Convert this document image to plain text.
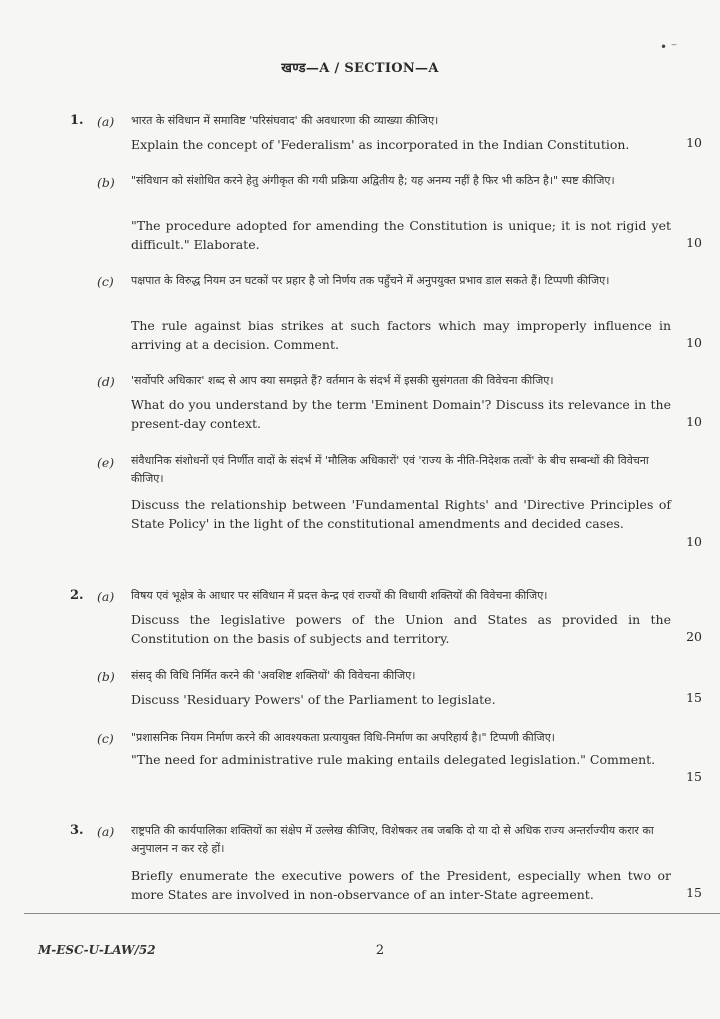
• ⁻
खण्ड—A / SECTION—A
1. (a) भारत के संविधान में समाविष्ट 'परिसंघवाद' की अवधारणा की व्याख्या कीजिए।
Explain the concept of 'Federalism' as incorporated in the Indian Constitution.	10
(b) "संविधान को संशोधित करने हेतु अंगीकृत की गयी प्रक्रिया अद्वितीय है; यह अनम्य नहीं है फिर भी कठिन है।" स्पष्ट कीजिए।
"The procedure adopted for amending the Constitution is unique; it is not rigid yet difficult." Elaborate.	10
(c) पक्षपात के विरुद्ध नियम उन घटकों पर प्रहार है जो निर्णय तक पहुँचने में अनुपयुक्त प्रभाव डाल सकते हैं। टिप्पणी कीजिए।
The rule against bias strikes at such factors which may improperly influence in arriving at a decision. Comment.	10
(d) 'सर्वोपरि अधिकार' शब्द से आप क्या समझते हैं? वर्तमान के संदर्भ में इसकी सुसंगतता की विवेचना कीजिए।
What do you understand by the term 'Eminent Domain'? Discuss its relevance in the present-day context.	10
(e) संवैधानिक संशोधनों एवं निर्णीत वादों के संदर्भ में 'मौलिक अधिकारों' एवं 'राज्य के नीति-निदेशक तत्वों' के बीच सम्बन्धों की विवेचना कीजिए।
Discuss the relationship between 'Fundamental Rights' and 'Directive Principles of State Policy' in the light of the constitutional amendments and decided cases.
10
2. (a) विषय एवं भूक्षेत्र के आधार पर संविधान में प्रदत्त केन्द्र एवं राज्यों की विधायी शक्तियों की विवेचना कीजिए।
Discuss the legislative powers of the Union and States as provided in the Constitution on the basis of subjects and territory.	20
(b) संसद् की विधि निर्मित करने की 'अवशिष्ट शक्तियों' की विवेचना कीजिए।
Discuss 'Residuary Powers' of the Parliament to legislate.	15
(c) "प्रशासनिक नियम निर्माण करने की आवश्यकता प्रत्यायुक्त विधि-निर्माण का अपरिहार्य है।" टिप्पणी कीजिए।
"The need for administrative rule making entails delegated legislation." Comment.
15
3. (a) राष्ट्रपति की कार्यपालिका शक्तियों का संक्षेप में उल्लेख कीजिए, विशेषकर तब जबकि दो या दो से अधिक राज्य अन्तर्राज्यीय करार का अनुपालन न कर रहे हों।
Briefly enumerate the executive powers of the President, especially when two or more States are involved in non-observance of an inter-State agreement.	15
M-ESC-U-LAW/52	2
